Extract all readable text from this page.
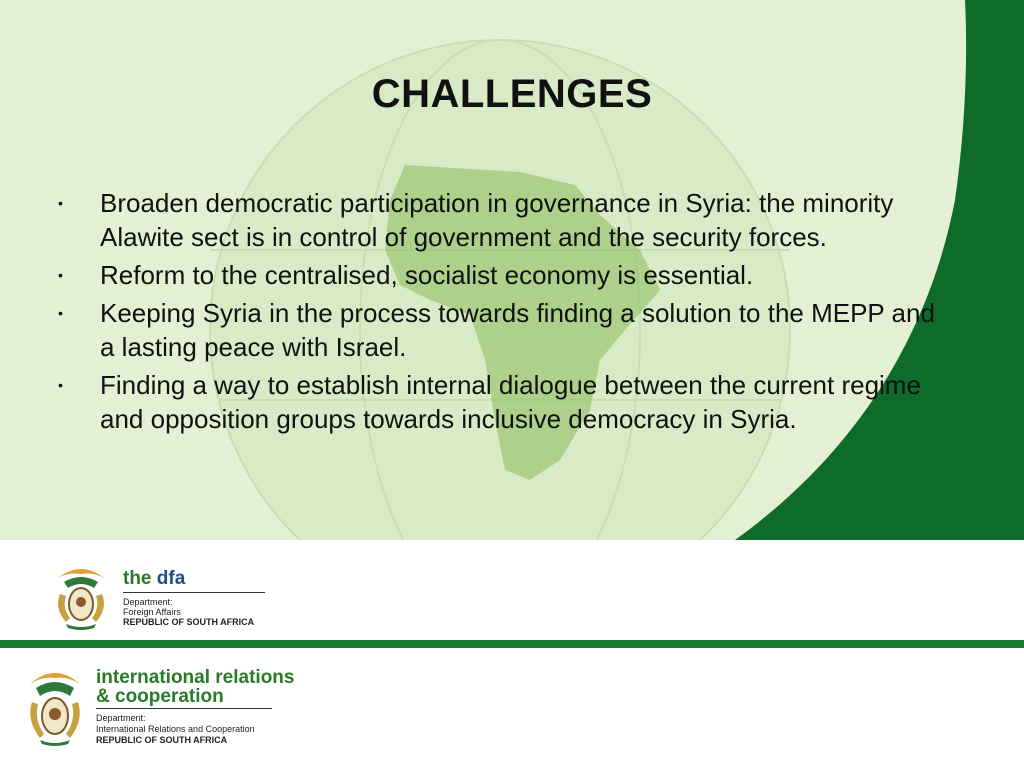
CHALLENGES
• Broaden democratic participation in governance in Syria: the minority Alawite sect is in control of government and the security forces.
• Reform to the centralised, socialist economy is essential.
• Keeping Syria in the process towards finding a solution to the MEPP and a lasting peace with Israel.
• Finding a way to establish internal dialogue between the current regime and opposition groups towards inclusive democracy in Syria.
the dfa
Department:
Foreign Affairs
REPUBLIC OF SOUTH AFRICA
international relations
& cooperation
Department:
International Relations and Cooperation
REPUBLIC OF SOUTH AFRICA
